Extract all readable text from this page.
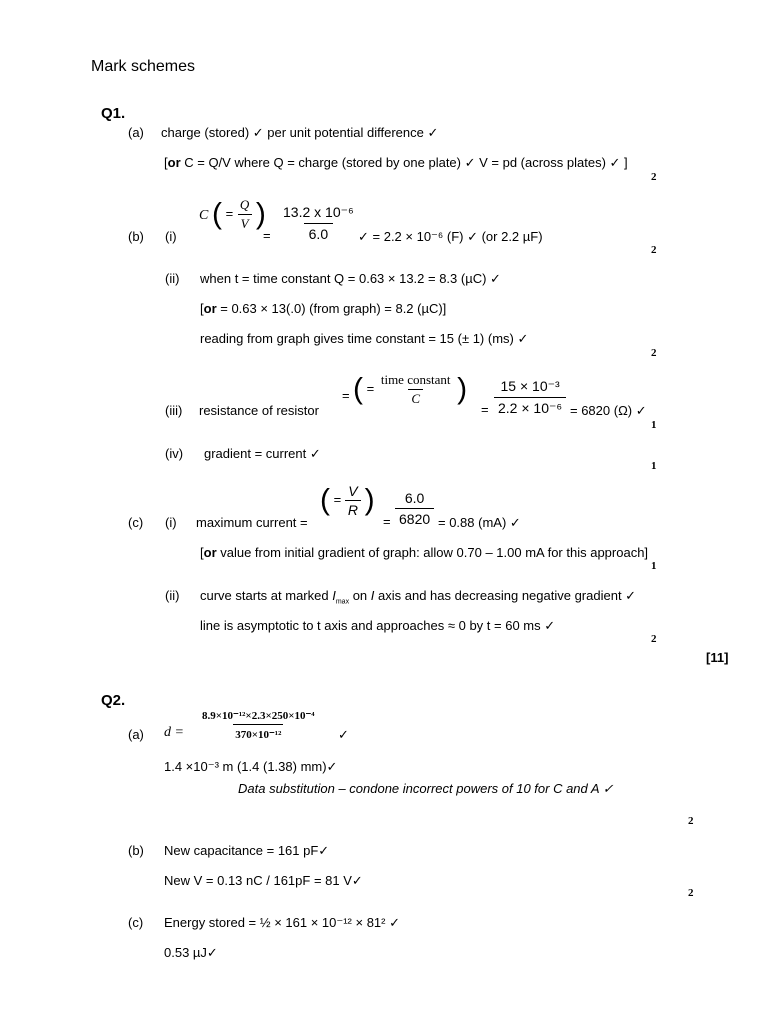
Mark schemes
Q1.
(a) charge (stored) ✓ per unit potential difference ✓
[or C = Q/V where Q = charge (stored by one plate) ✓ V = pd (across plates) ✓ ]
2
(b) (i)
C ( = $\frac{Q}{V}$ )
= $\frac{\text{13.2 x 10⁻⁶}}{6.0}$ ✓ = 2.2 × 10⁻⁶ (F) ✓ (or 2.2 µF)
2
(ii) when t = time constant Q = 0.63 × 13.2 = 8.3 (µC) ✓
[or = 0.63 × 13(.0) (from graph) = 8.2 (µC)]
reading from graph gives time constant = 15 (± 1) (ms) ✓
2
(iii) resistance of resistor
= ( = $\frac{\text{time constant}}{C}$ )
= $\frac{\text{15 × 10⁻³}}{\text{2.2 × 10⁻⁶}} = 6820$ (Ω) ✓
1
(iv) gradient = current ✓
1
(c) (i) maximum current =
( = $\frac{V}{R}$ )
= $\frac{6.0}{6820} = 0.88$ (mA) ✓
[or value from initial gradient of graph: allow 0.70 – 1.00 mA for this approach]
1
(ii) curve starts at marked $I_{max}$ on I axis and has decreasing negative gradient ✓
line is asymptotic to t axis and approaches ≈ 0 by t = 60 ms ✓
2
[11]
Q2.
(a) $d = \frac{\text{8.9×10⁻¹²×2.3×250×10⁻⁴}}{\text{370×10⁻¹²}}$ ✓
1.4 ×10⁻³ m (1.4 (1.38) mm)✓
Data substitution – condone incorrect powers of 10 for C and A ✓
2
(b) New capacitance = 161 pF✓
New V = 0.13 nC / 161pF = 81 V✓
2
(c) Energy stored = ½ × 161 × 10⁻¹² × 81² ✓
0.53 µJ✓
